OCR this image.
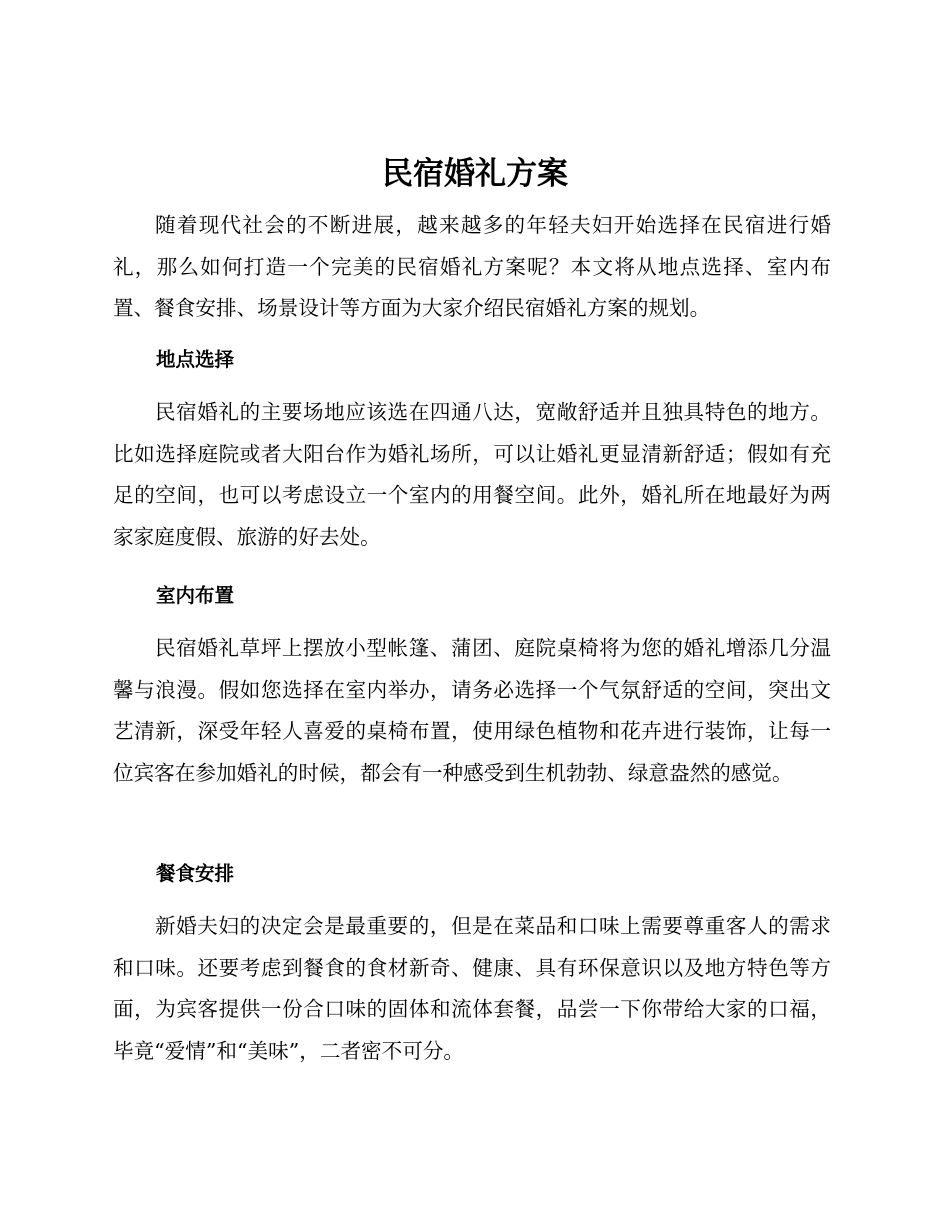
民宿婚礼方案

随着现代社会的不断进展，越来越多的年轻夫妇开始选择在民宿进行婚礼，那么如何打造一个完美的民宿婚礼方案呢？本文将从地点选择、室内布置、餐食安排、场景设计等方面为大家介绍民宿婚礼方案的规划。

地点选择

民宿婚礼的主要场地应该选在四通八达，宽敞舒适并且独具特色的地方。比如选择庭院或者大阳台作为婚礼场所，可以让婚礼更显清新舒适；假如有充足的空间，也可以考虑设立一个室内的用餐空间。此外，婚礼所在地最好为两家家庭度假、旅游的好去处。

室内布置

民宿婚礼草坪上摆放小型帐篷、蒲团、庭院桌椅将为您的婚礼增添几分温馨与浪漫。假如您选择在室内举办，请务必选择一个气氛舒适的空间，突出文艺清新，深受年轻人喜爱的桌椅布置，使用绿色植物和花卉进行装饰，让每一位宾客在参加婚礼的时候，都会有一种感受到生机勃勃、绿意盎然的感觉。

餐食安排

新婚夫妇的决定会是最重要的，但是在菜品和口味上需要尊重客人的需求和口味。还要考虑到餐食的食材新奇、健康、具有环保意识以及地方特色等方面，为宾客提供一份合口味的固体和流体套餐，品尝一下你带给大家的口福，毕竟“爱情”和“美味”，二者密不可分。
